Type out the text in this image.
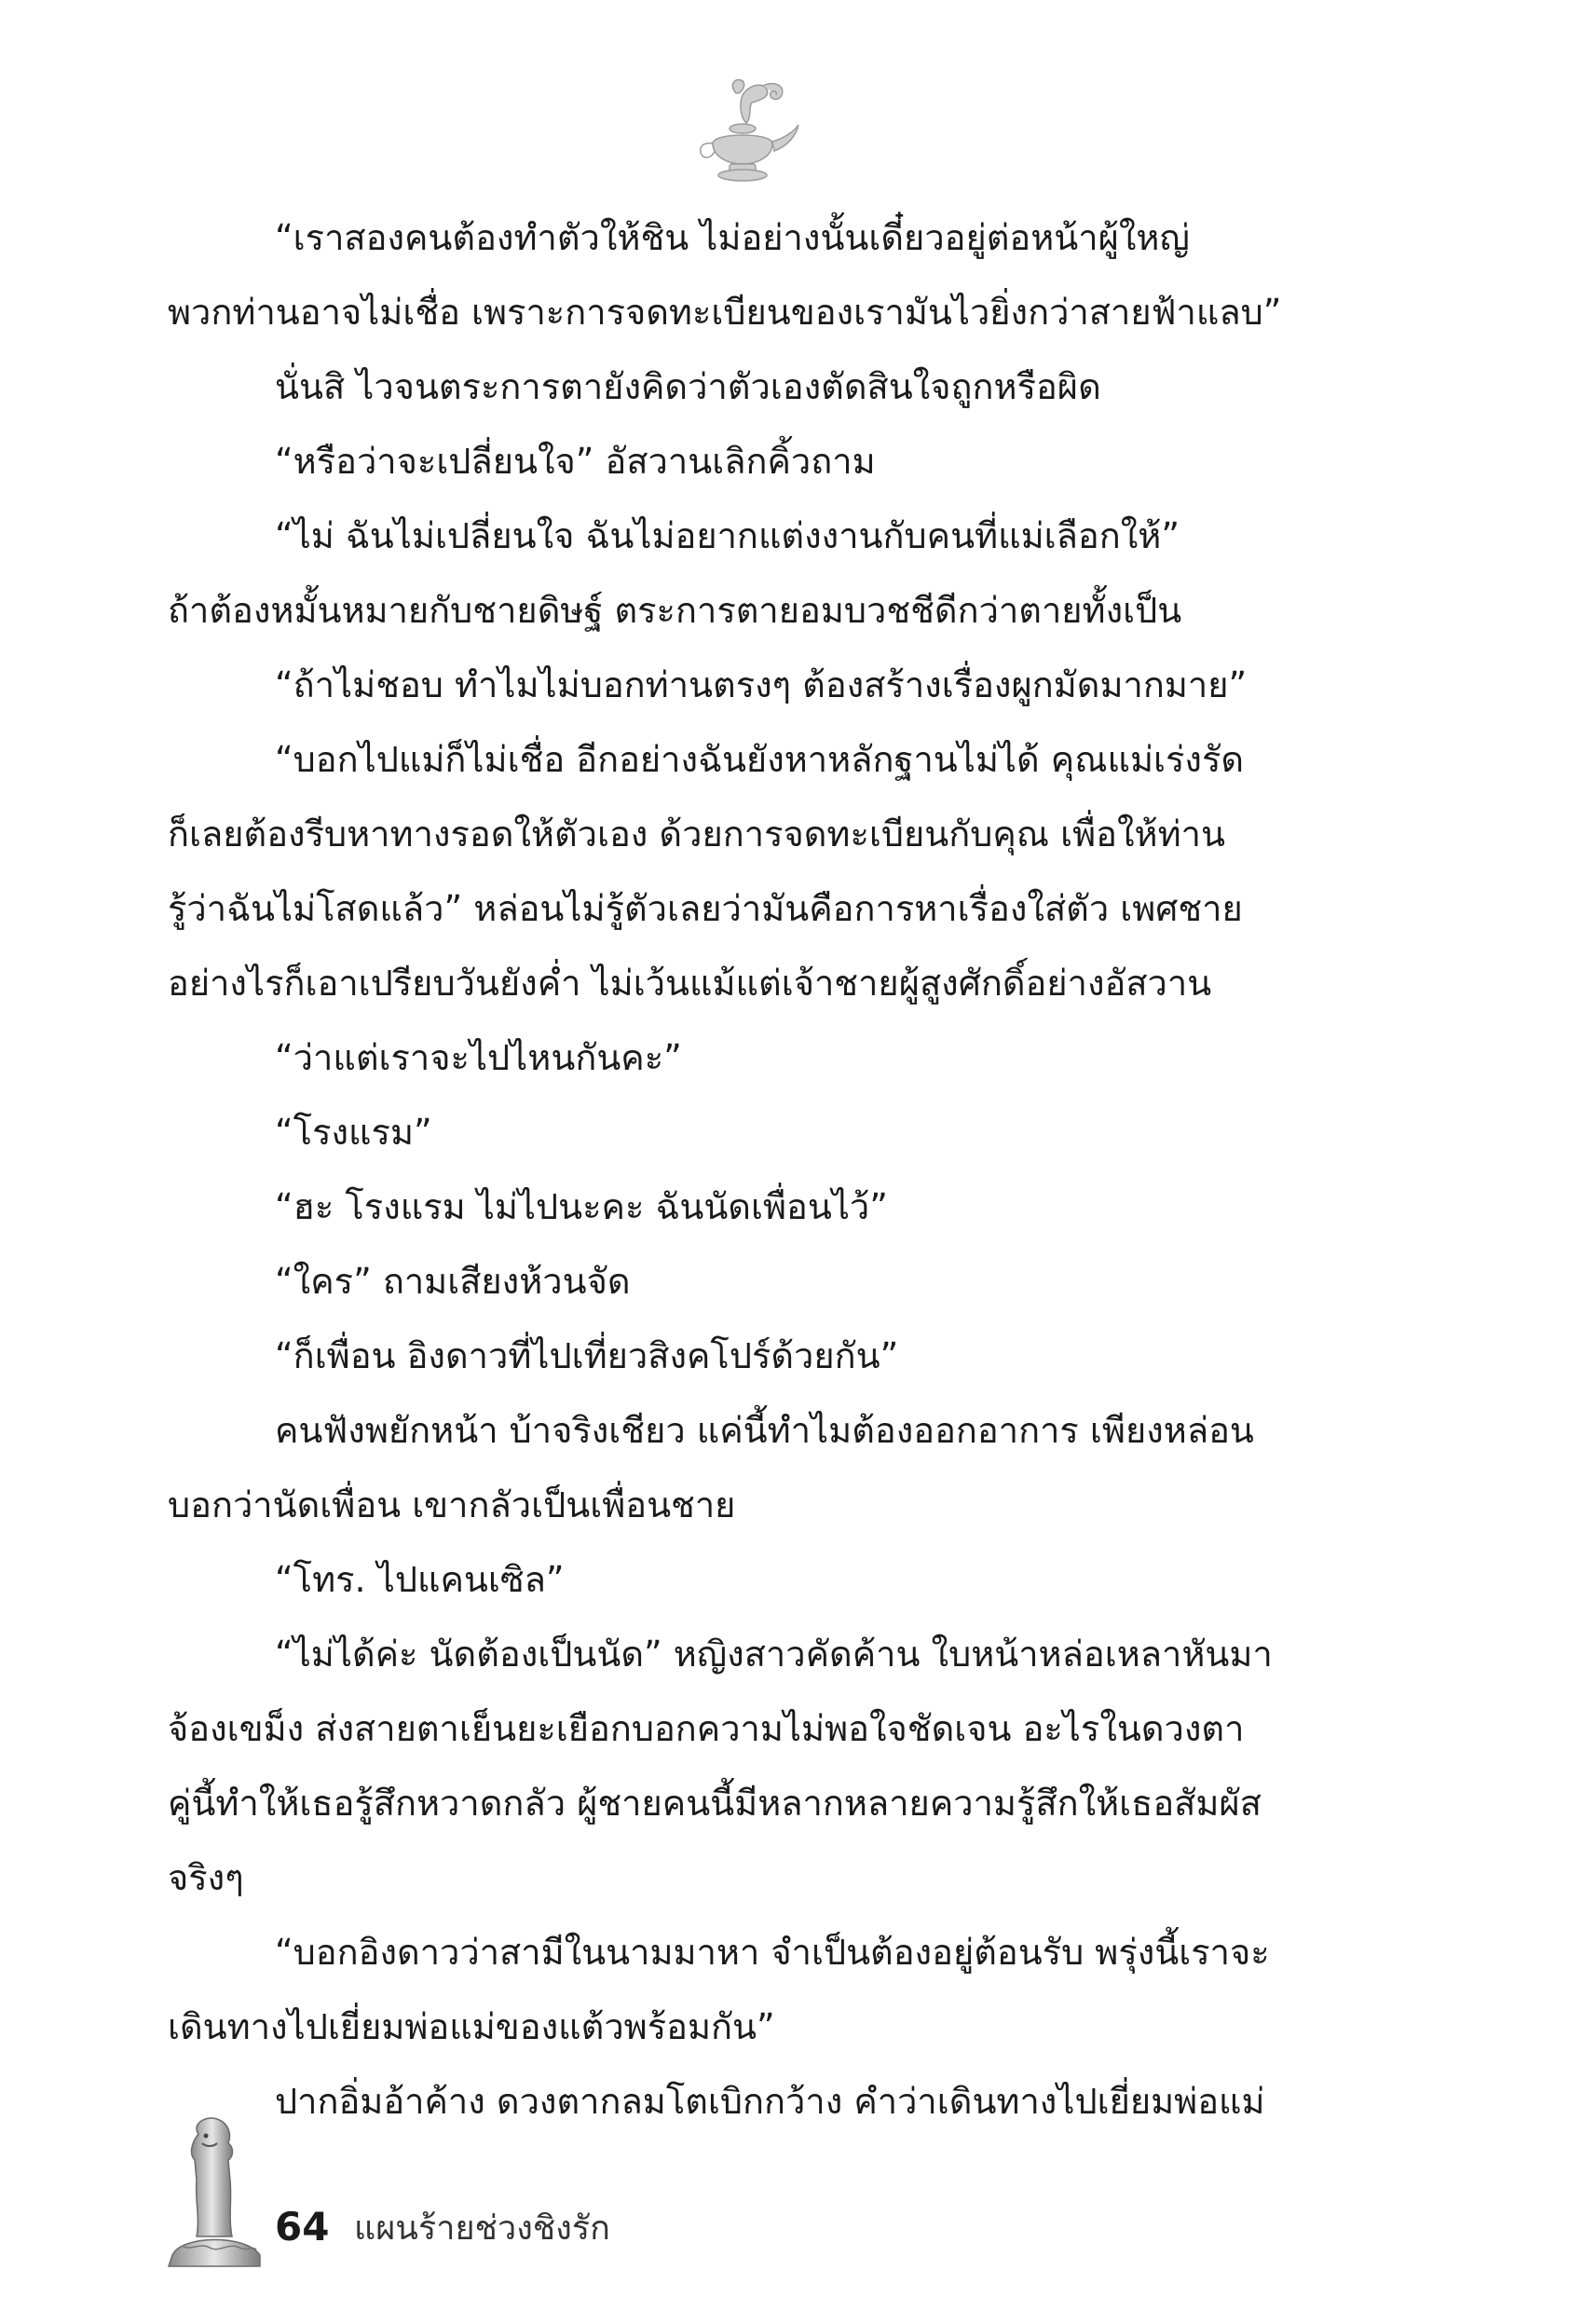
“เราสองคนต้องทำตัวให้ชิน ไม่อย่างนั้นเดี๋ยวอยู่ต่อหน้าผู้ใหญ่

พวกท่านอาจไม่เชื่อ เพราะการจดทะเบียนของเรามันไวยิ่งกว่าสายฟ้าแลบ”

นั่นสิ ไวจนตระการตายังคิดว่าตัวเองตัดสินใจถูกหรือผิด

“หรือว่าจะเปลี่ยนใจ” อัสวานเลิกคิ้วถาม

“ไม่ ฉันไม่เปลี่ยนใจ ฉันไม่อยากแต่งงานกับคนที่แม่เลือกให้”

ถ้าต้องหมั้นหมายกับชายดิษฐ์ ตระการตายอมบวชชีดีกว่าตายทั้งเป็น

“ถ้าไม่ชอบ ทำไมไม่บอกท่านตรงๆ ต้องสร้างเรื่องผูกมัดมากมาย”

“บอกไปแม่ก็ไม่เชื่อ อีกอย่างฉันยังหาหลักฐานไม่ได้ คุณแม่เร่งรัด

ก็เลยต้องรีบหาทางรอดให้ตัวเอง ด้วยการจดทะเบียนกับคุณ เพื่อให้ท่าน

รู้ว่าฉันไม่โสดแล้ว” หล่อนไม่รู้ตัวเลยว่ามันคือการหาเรื่องใส่ตัว เพศชาย

อย่างไรก็เอาเปรียบวันยังค่ำ ไม่เว้นแม้แต่เจ้าชายผู้สูงศักดิ์อย่างอัสวาน

“ว่าแต่เราจะไปไหนกันคะ”

“โรงแรม”

“ฮะ โรงแรม ไม่ไปนะคะ ฉันนัดเพื่อนไว้”

“ใคร” ถามเสียงห้วนจัด

“ก็เพื่อน อิงดาวที่ไปเที่ยวสิงคโปร์ด้วยกัน”

คนฟังพยักหน้า บ้าจริงเชียว แค่นี้ทำไมต้องออกอาการ เพียงหล่อน

บอกว่านัดเพื่อน เขากลัวเป็นเพื่อนชาย

“โทร. ไปแคนเซิล”

“ไม่ได้ค่ะ นัดต้องเป็นนัด” หญิงสาวคัดค้าน ใบหน้าหล่อเหลาหันมา

จ้องเขม็ง ส่งสายตาเย็นยะเยือกบอกความไม่พอใจชัดเจน อะไรในดวงตา

คู่นี้ทำให้เธอรู้สึกหวาดกลัว ผู้ชายคนนี้มีหลากหลายความรู้สึกให้เธอสัมผัส

จริงๆ

“บอกอิงดาวว่าสามีในนามมาหา จำเป็นต้องอยู่ต้อนรับ พรุ่งนี้เราจะ

เดินทางไปเยี่ยมพ่อแม่ของแต้วพร้อมกัน”

ปากอิ่มอ้าค้าง ดวงตากลมโตเบิกกว้าง คำว่าเดินทางไปเยี่ยมพ่อแม่

64 แผนร้ายช่วงชิงรัก
